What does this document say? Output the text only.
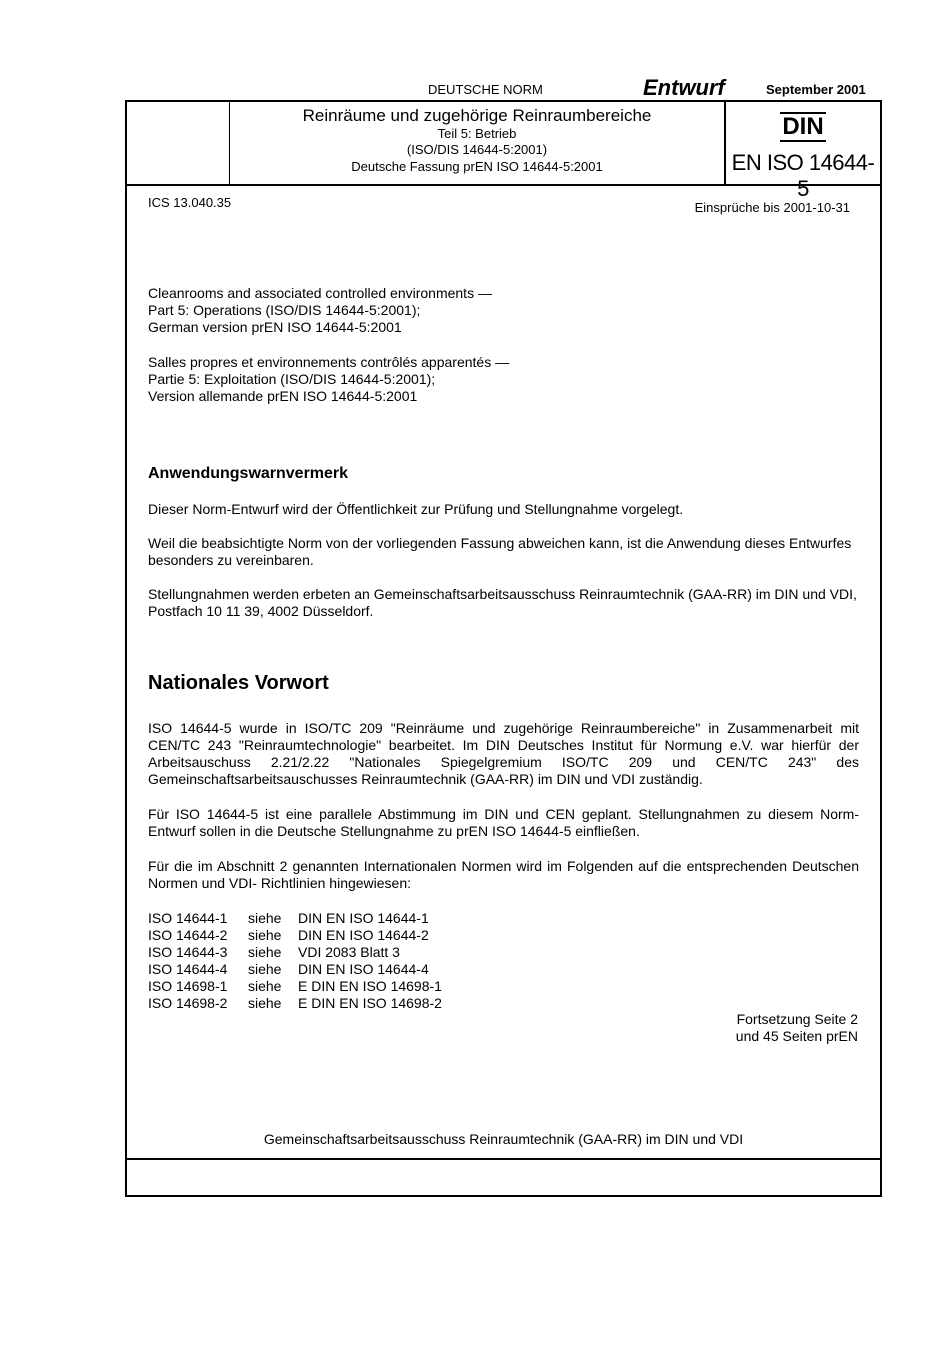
DEUTSCHE NORM	Entwurf	September 2001
Reinräume und zugehörige Reinraumbereiche
Teil 5: Betrieb
(ISO/DIS 14644-5:2001)
Deutsche Fassung prEN ISO 14644-5:2001
DIN
EN ISO 14644-5
ICS 13.040.35	Einsprüche bis 2001-10-31

Cleanrooms and associated controlled environments —

Part 5: Operations (ISO/DIS 14644-5:2001);

German version prEN ISO 14644-5:2001

Salles propres et environnements contrôlés apparentés —

Partie 5: Exploitation (ISO/DIS 14644-5:2001);

Version allemande prEN ISO 14644-5:2001

Anwendungswarnvermerk
Dieser Norm-Entwurf wird der Öffentlichkeit zur Prüfung und Stellungnahme vorgelegt.
Weil die beabsichtigte Norm von der vorliegenden Fassung abweichen kann, ist die Anwendung dieses Entwurfes besonders zu vereinbaren.
Stellungnahmen werden erbeten an Gemeinschaftsarbeitsausschuss Reinraumtechnik (GAA-RR) im DIN und VDI, Postfach 10 11 39, 4002 Düsseldorf.
Nationales Vorwort
ISO 14644-5 wurde in ISO/TC 209 "Reinräume und zugehörige Reinraumbereiche" in Zusammenarbeit mit CEN/TC 243 "Reinraumtechnologie" bearbeitet. Im DIN Deutsches Institut für Normung e.V. war hierfür der Arbeitsauschuss 2.21/2.22 "Nationales Spiegelgremium ISO/TC 209 und CEN/TC 243" des Gemeinschaftsarbeitsauschusses Reinraumtechnik (GAA-RR) im DIN und VDI zuständig.
Für ISO 14644-5 ist eine parallele Abstimmung im DIN und CEN geplant. Stellungnahmen zu diesem Norm-Entwurf sollen in die Deutsche Stellungnahme zu prEN ISO 14644-5 einfließen.
Für die im Abschnitt 2 genannten Internationalen Normen wird im Folgenden auf die entsprechenden Deutschen Normen und VDI- Richtlinien hingewiesen:
ISO 14644-1	siehe	DIN EN ISO 14644-1
ISO 14644-2	siehe	DIN EN ISO 14644-2
ISO 14644-3	siehe	VDI 2083 Blatt 3
ISO 14644-4	siehe	DIN EN ISO 14644-4
ISO 14698-1	siehe	E DIN EN ISO 14698-1
ISO 14698-2	siehe	E DIN EN ISO 14698-2
Fortsetzung Seite 2
und 45 Seiten prEN
Gemeinschaftsarbeitsausschuss Reinraumtechnik (GAA-RR) im DIN und VDI
